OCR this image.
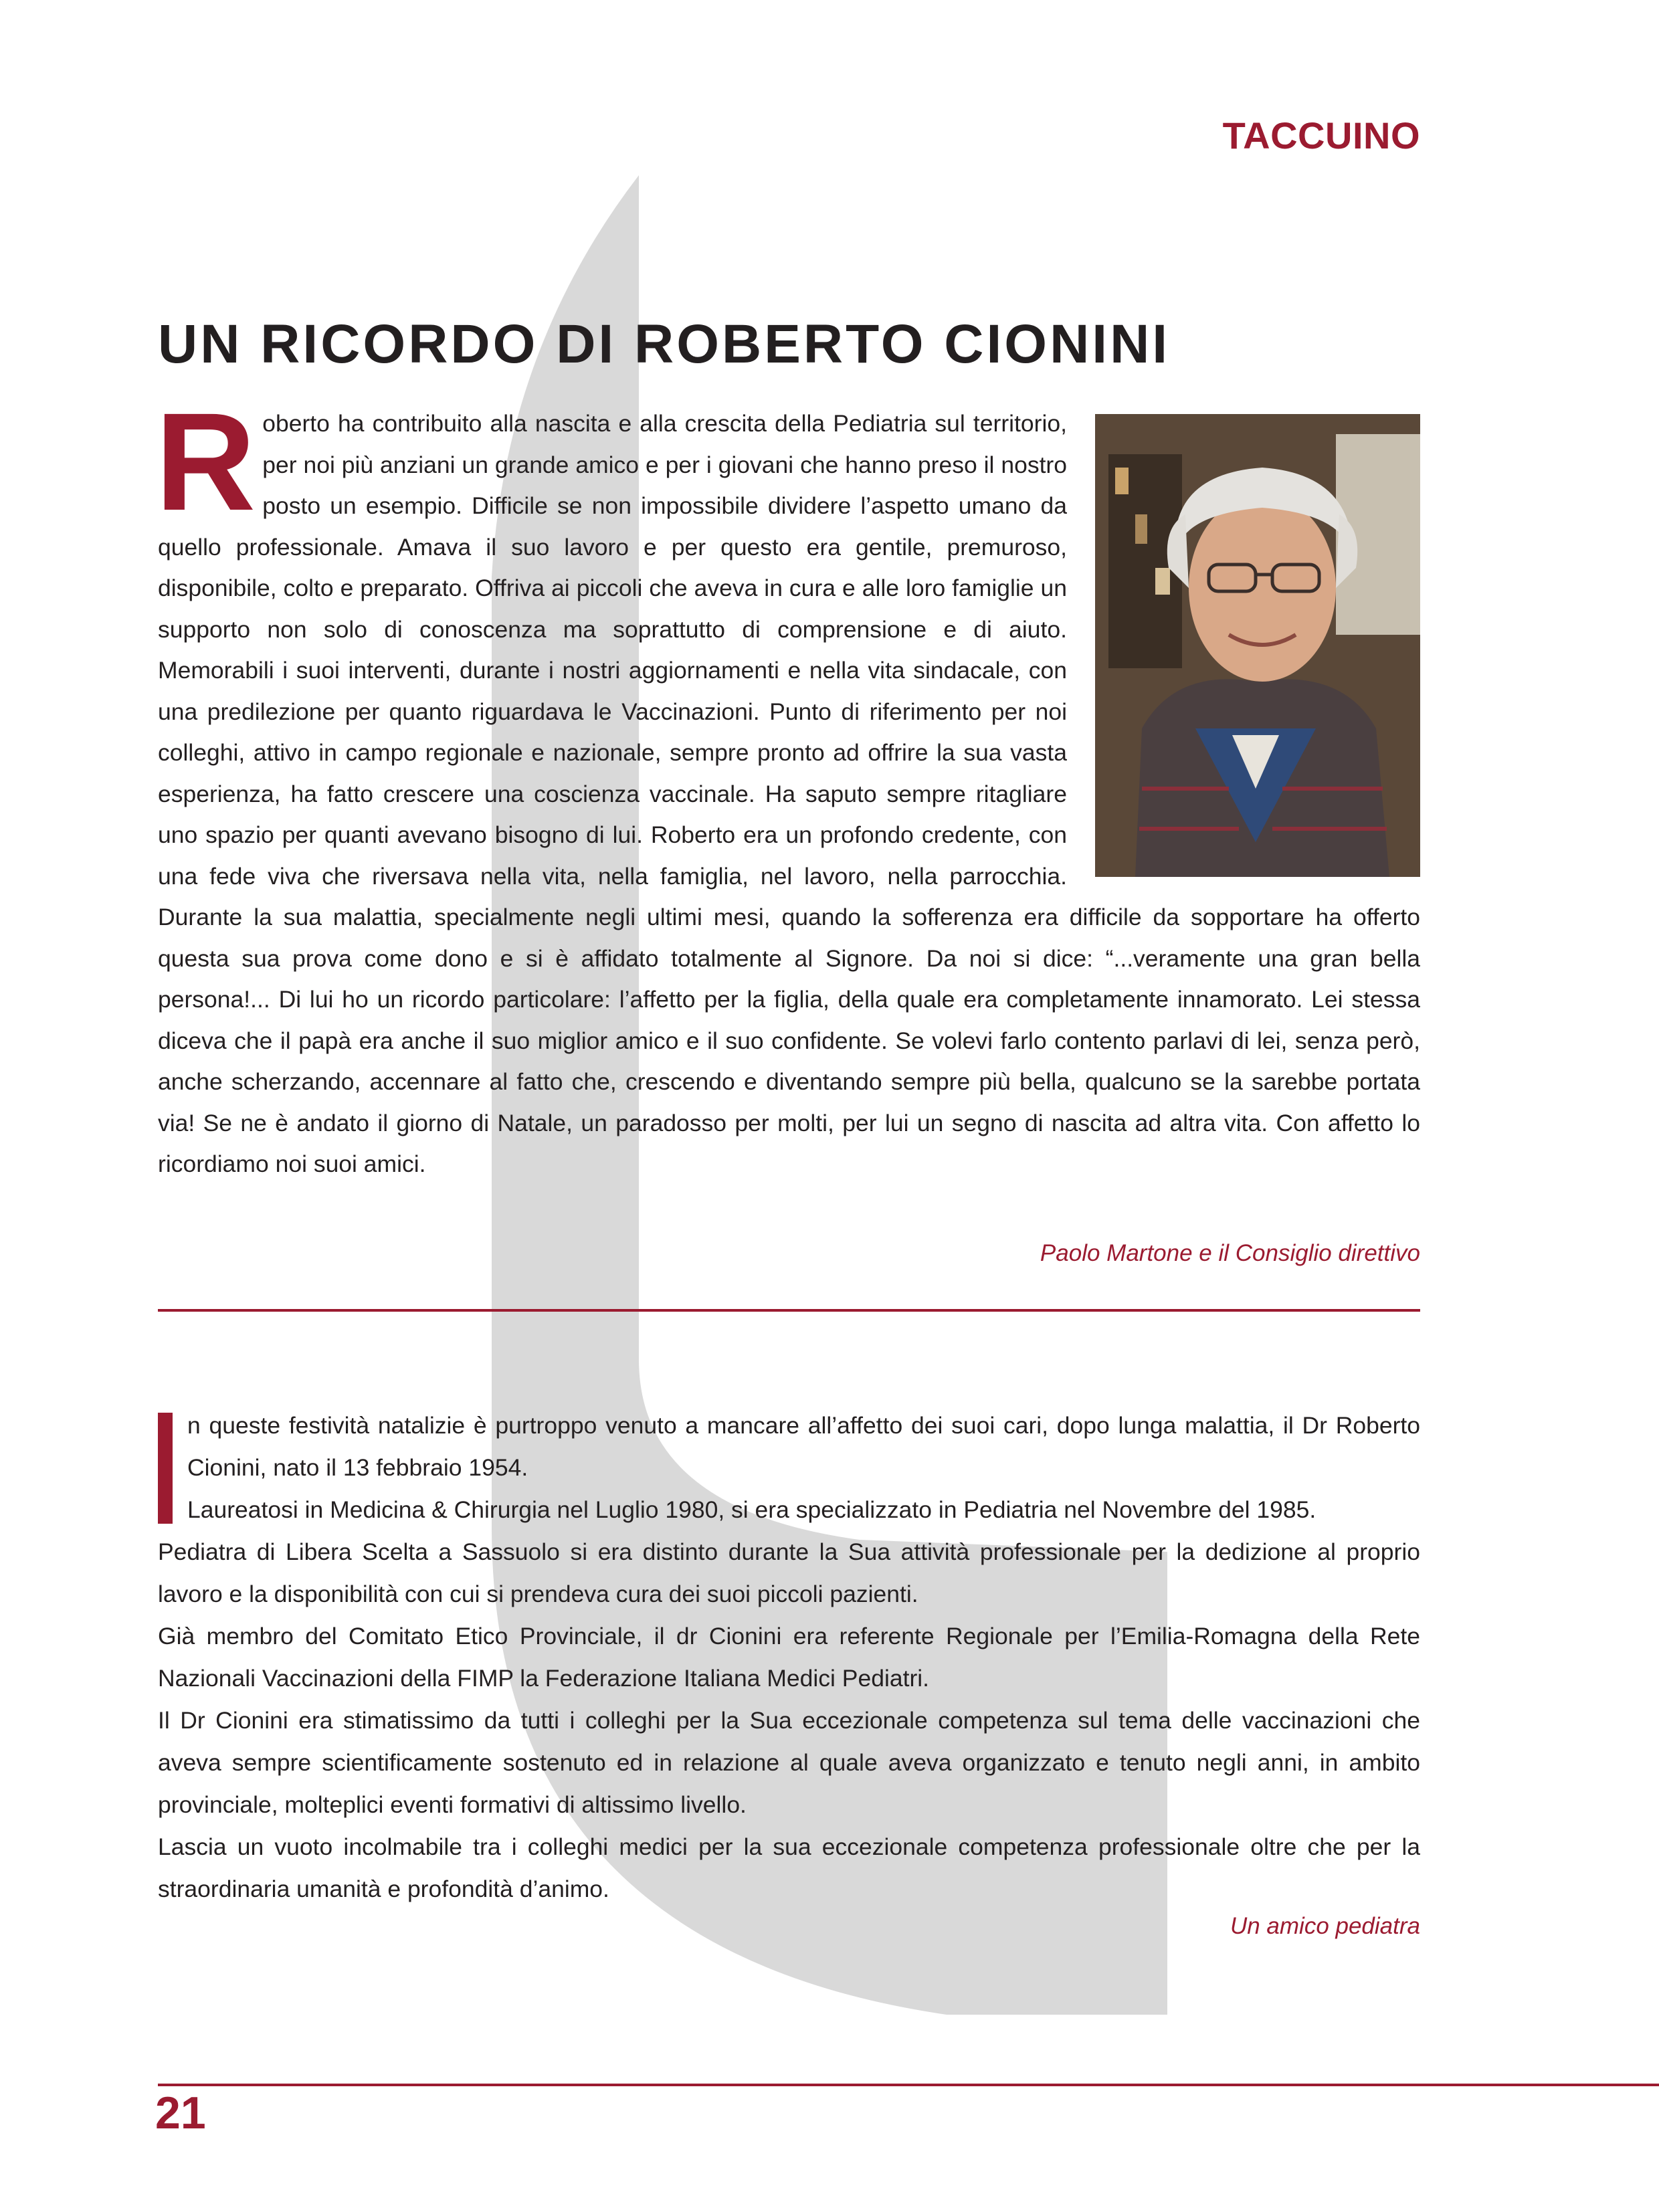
TACCUINO
UN RICORDO DI ROBERTO CIONINI
R oberto ha contribuito alla nascita e alla crescita della Pediatria sul territorio, per noi più anziani un grande amico e per i giovani che hanno preso il nostro posto un esempio. Difficile se non impossibile dividere l’aspetto umano da quello professionale. Amava il suo lavoro e per questo era gentile, premuroso, disponibile, colto e preparato. Offriva ai piccoli che aveva in cura e alle loro famiglie un supporto non solo di conoscenza ma soprattutto di comprensione e di aiuto. Memorabili i suoi interventi, durante i nostri aggiornamenti e nella vita sindacale, con una predilezione per quanto riguardava le Vaccinazioni. Punto di riferimento per noi colleghi, attivo in campo regionale e nazionale, sempre pronto ad offrire la sua vasta esperienza, ha fatto crescere una coscienza vaccinale. Ha saputo sempre ritagliare uno spazio per quanti avevano bisogno di lui. Roberto era un profondo credente, con una fede viva che riversava nella vita, nella famiglia, nel lavoro, nella parrocchia. Durante la sua malattia, specialmente negli ultimi mesi, quando la sofferenza era difficile da sopportare ha offerto questa sua prova come dono e si è affidato totalmente al Signore. Da noi si dice: “...veramente una gran bella persona!... Di lui ho un ricordo particolare: l’affetto per la figlia, della quale era completamente innamorato. Lei stessa diceva che il papà era anche il suo miglior amico e il suo confidente. Se volevi farlo contento parlavi di lei, senza però, anche scherzando, accennare al fatto che, crescendo e diventando sempre più bella, qualcuno se la sarebbe portata via! Se ne è andato il giorno di Natale, un paradosso per molti, per lui un segno di nascita ad altra vita. Con affetto lo ricordiamo noi suoi amici.
Paolo Martone e il Consiglio direttivo

n queste festività natalizie è purtroppo venuto a mancare all’affetto dei suoi cari, dopo lunga malattia, il Dr Roberto Cionini, nato il 13 febbraio 1954.

Laureatosi in Medicina & Chirurgia nel Luglio 1980, si era specializzato in Pediatria nel Novembre del 1985.

Pediatra di Libera Scelta a Sassuolo si era distinto durante la Sua attività professionale per la dedizione al proprio lavoro e la disponibilità con cui si prendeva cura dei suoi piccoli pazienti.

Già membro del Comitato Etico Provinciale, il dr Cionini era referente Regionale per l’Emilia-Romagna della Rete Nazionali Vaccinazioni della FIMP la Federazione Italiana Medici Pediatri.

Il Dr Cionini era stimatissimo da tutti i colleghi per la Sua eccezionale competenza sul tema delle vaccinazioni che aveva sempre scientificamente sostenuto ed in relazione al quale aveva organizzato e tenuto negli anni, in ambito provinciale, molteplici eventi formativi di altissimo livello.

Lascia un vuoto incolmabile tra i colleghi medici per la sua eccezionale competenza professionale oltre che per la straordinaria umanità e profondità d’animo.

Un amico pediatra
21
